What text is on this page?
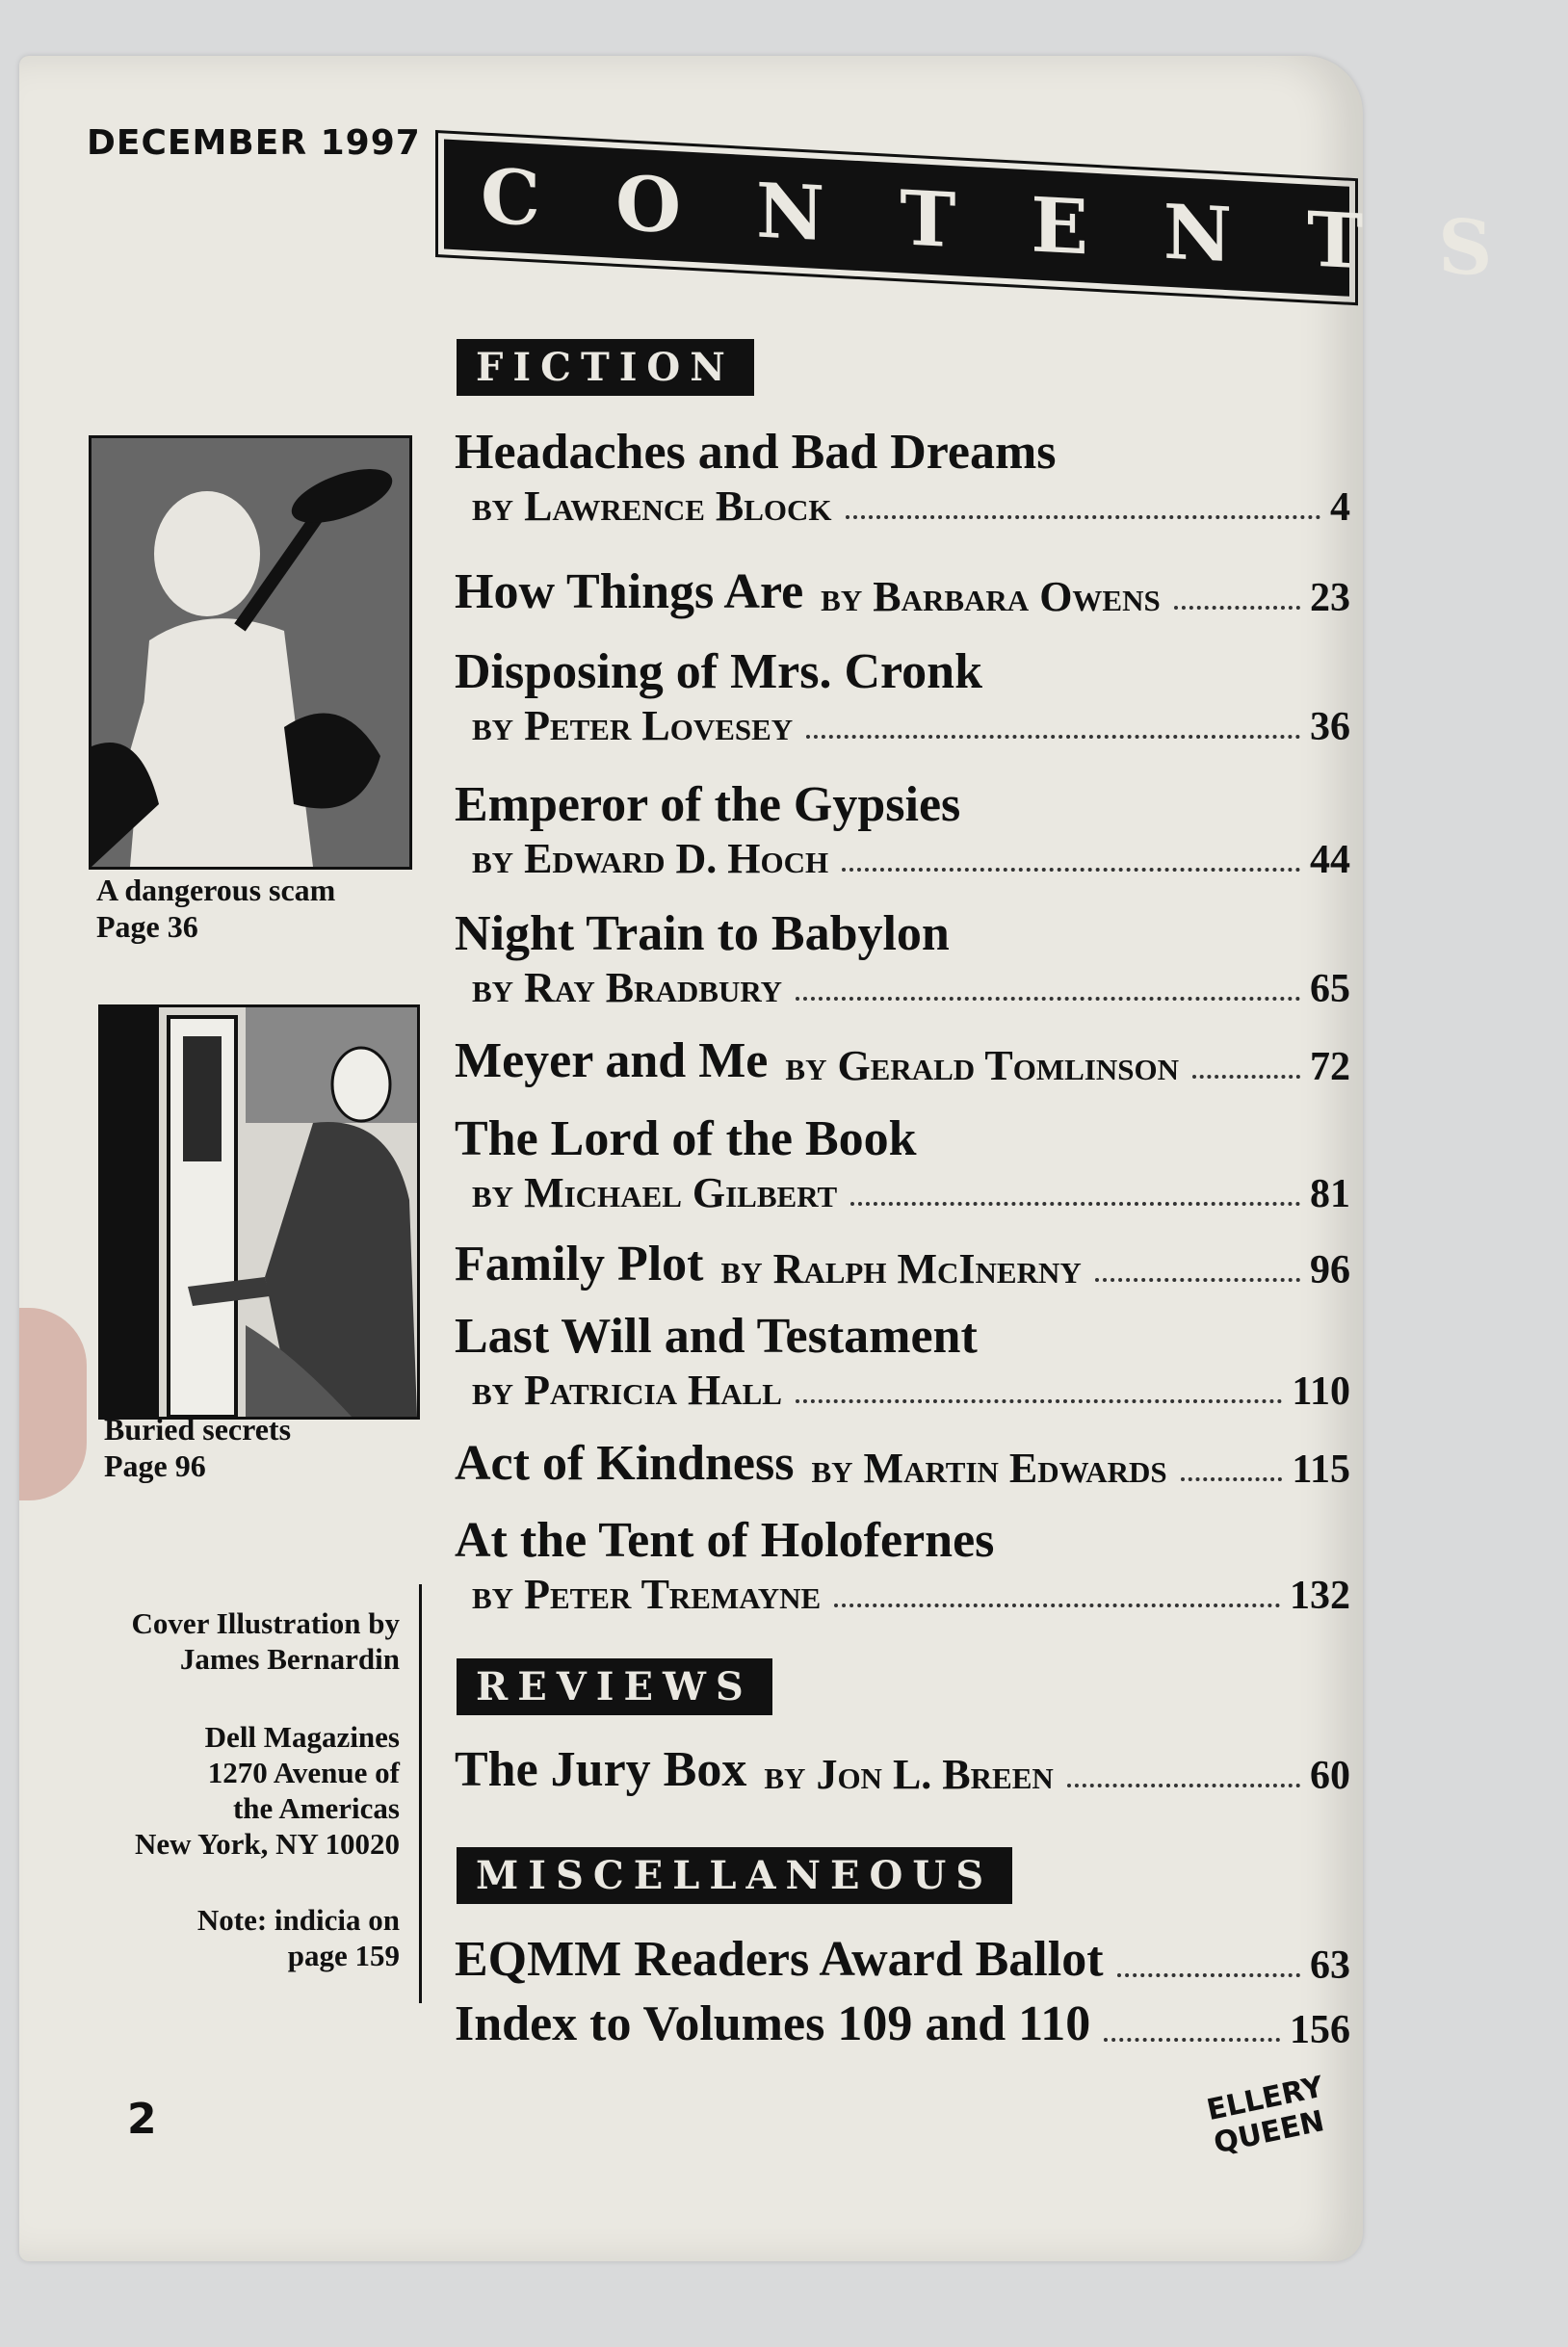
DECEMBER 1997
CONTENTS
FICTION
Headaches and Bad Dreams
by Lawrence Block	4
How Things Are by Barbara Owens	23
Disposing of Mrs. Cronk
by Peter Lovesey	36
Emperor of the Gypsies
by Edward D. Hoch	44
Night Train to Babylon
by Ray Bradbury	65
Meyer and Me by Gerald Tomlinson	72
The Lord of the Book
by Michael Gilbert	81
Family Plot by Ralph McInerny	96
Last Will and Testament
by Patricia Hall	110
Act of Kindness by Martin Edwards	115
At the Tent of Holofernes
by Peter Tremayne	132
REVIEWS
The Jury Box by Jon L. Breen	60
MISCELLANEOUS
EQMM Readers Award Ballot	63
Index to Volumes 109 and 110	156
A dangerous scam
Page 36
Buried secrets
Page 96
Cover Illustration by
James Bernardin
Dell Magazines
1270 Avenue of
the Americas
New York, NY 10020
Note: indicia on
page 159
2	ELLERY QUEEN
